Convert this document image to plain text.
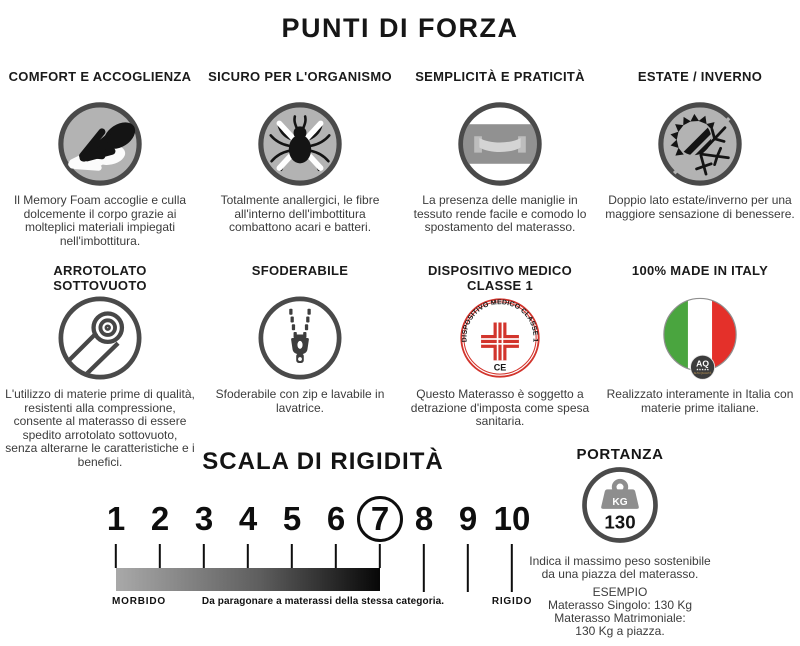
PUNTI DI FORZA
COMFORT E ACCOGLIENZA

Il Memory Foam accoglie e culla dolcemente il corpo grazie ai molteplici materiali impiegati nell'imbottitura.

SICURO PER L'ORGANISMO

Totalmente anallergici, le fibre all'interno dell'imbottitura combattono acari e batteri.

SEMPLICITÀ E PRATICITÀ

La presenza delle maniglie in tessuto rende facile e comodo lo spostamento del materasso.

ESTATE / INVERNO

Doppio lato estate/inverno per una maggiore sensazione di benessere.

ARROTOLATO SOTTOVUOTO

L'utilizzo di materie prime di qualità, resistenti alla compressione, consente al materasso di essere spedito arrotolato sottovuoto, senza alterarne le caratteristiche e i benefici.

SFODERABILE

Sfoderabile con zip e lavabile in lavatrice.

DISPOSITIVO MEDICO CLASSE 1
DISPOSITIVO MEDICO CLASSE 1
CE

Questo Materasso è soggetto a detrazione d'imposta come spesa sanitaria.

100% MADE IN ITALY
AQ
★★★★★
ALTA QUALITÀ

Realizzato interamente in Italia con materie prime italiane.

SCALA DI RIGIDITÀ
1 2 3 4 5 6 7 8 9 10
MORBIDO	Da paragonare a materassi della stessa categoria.	RIGIDO
PORTANZA
KG
130

Indica il massimo peso sostenibile da una piazza del materasso.

ESEMPIO
Materasso Singolo: 130 Kg
Materasso Matrimoniale:
130 Kg a piazza.
